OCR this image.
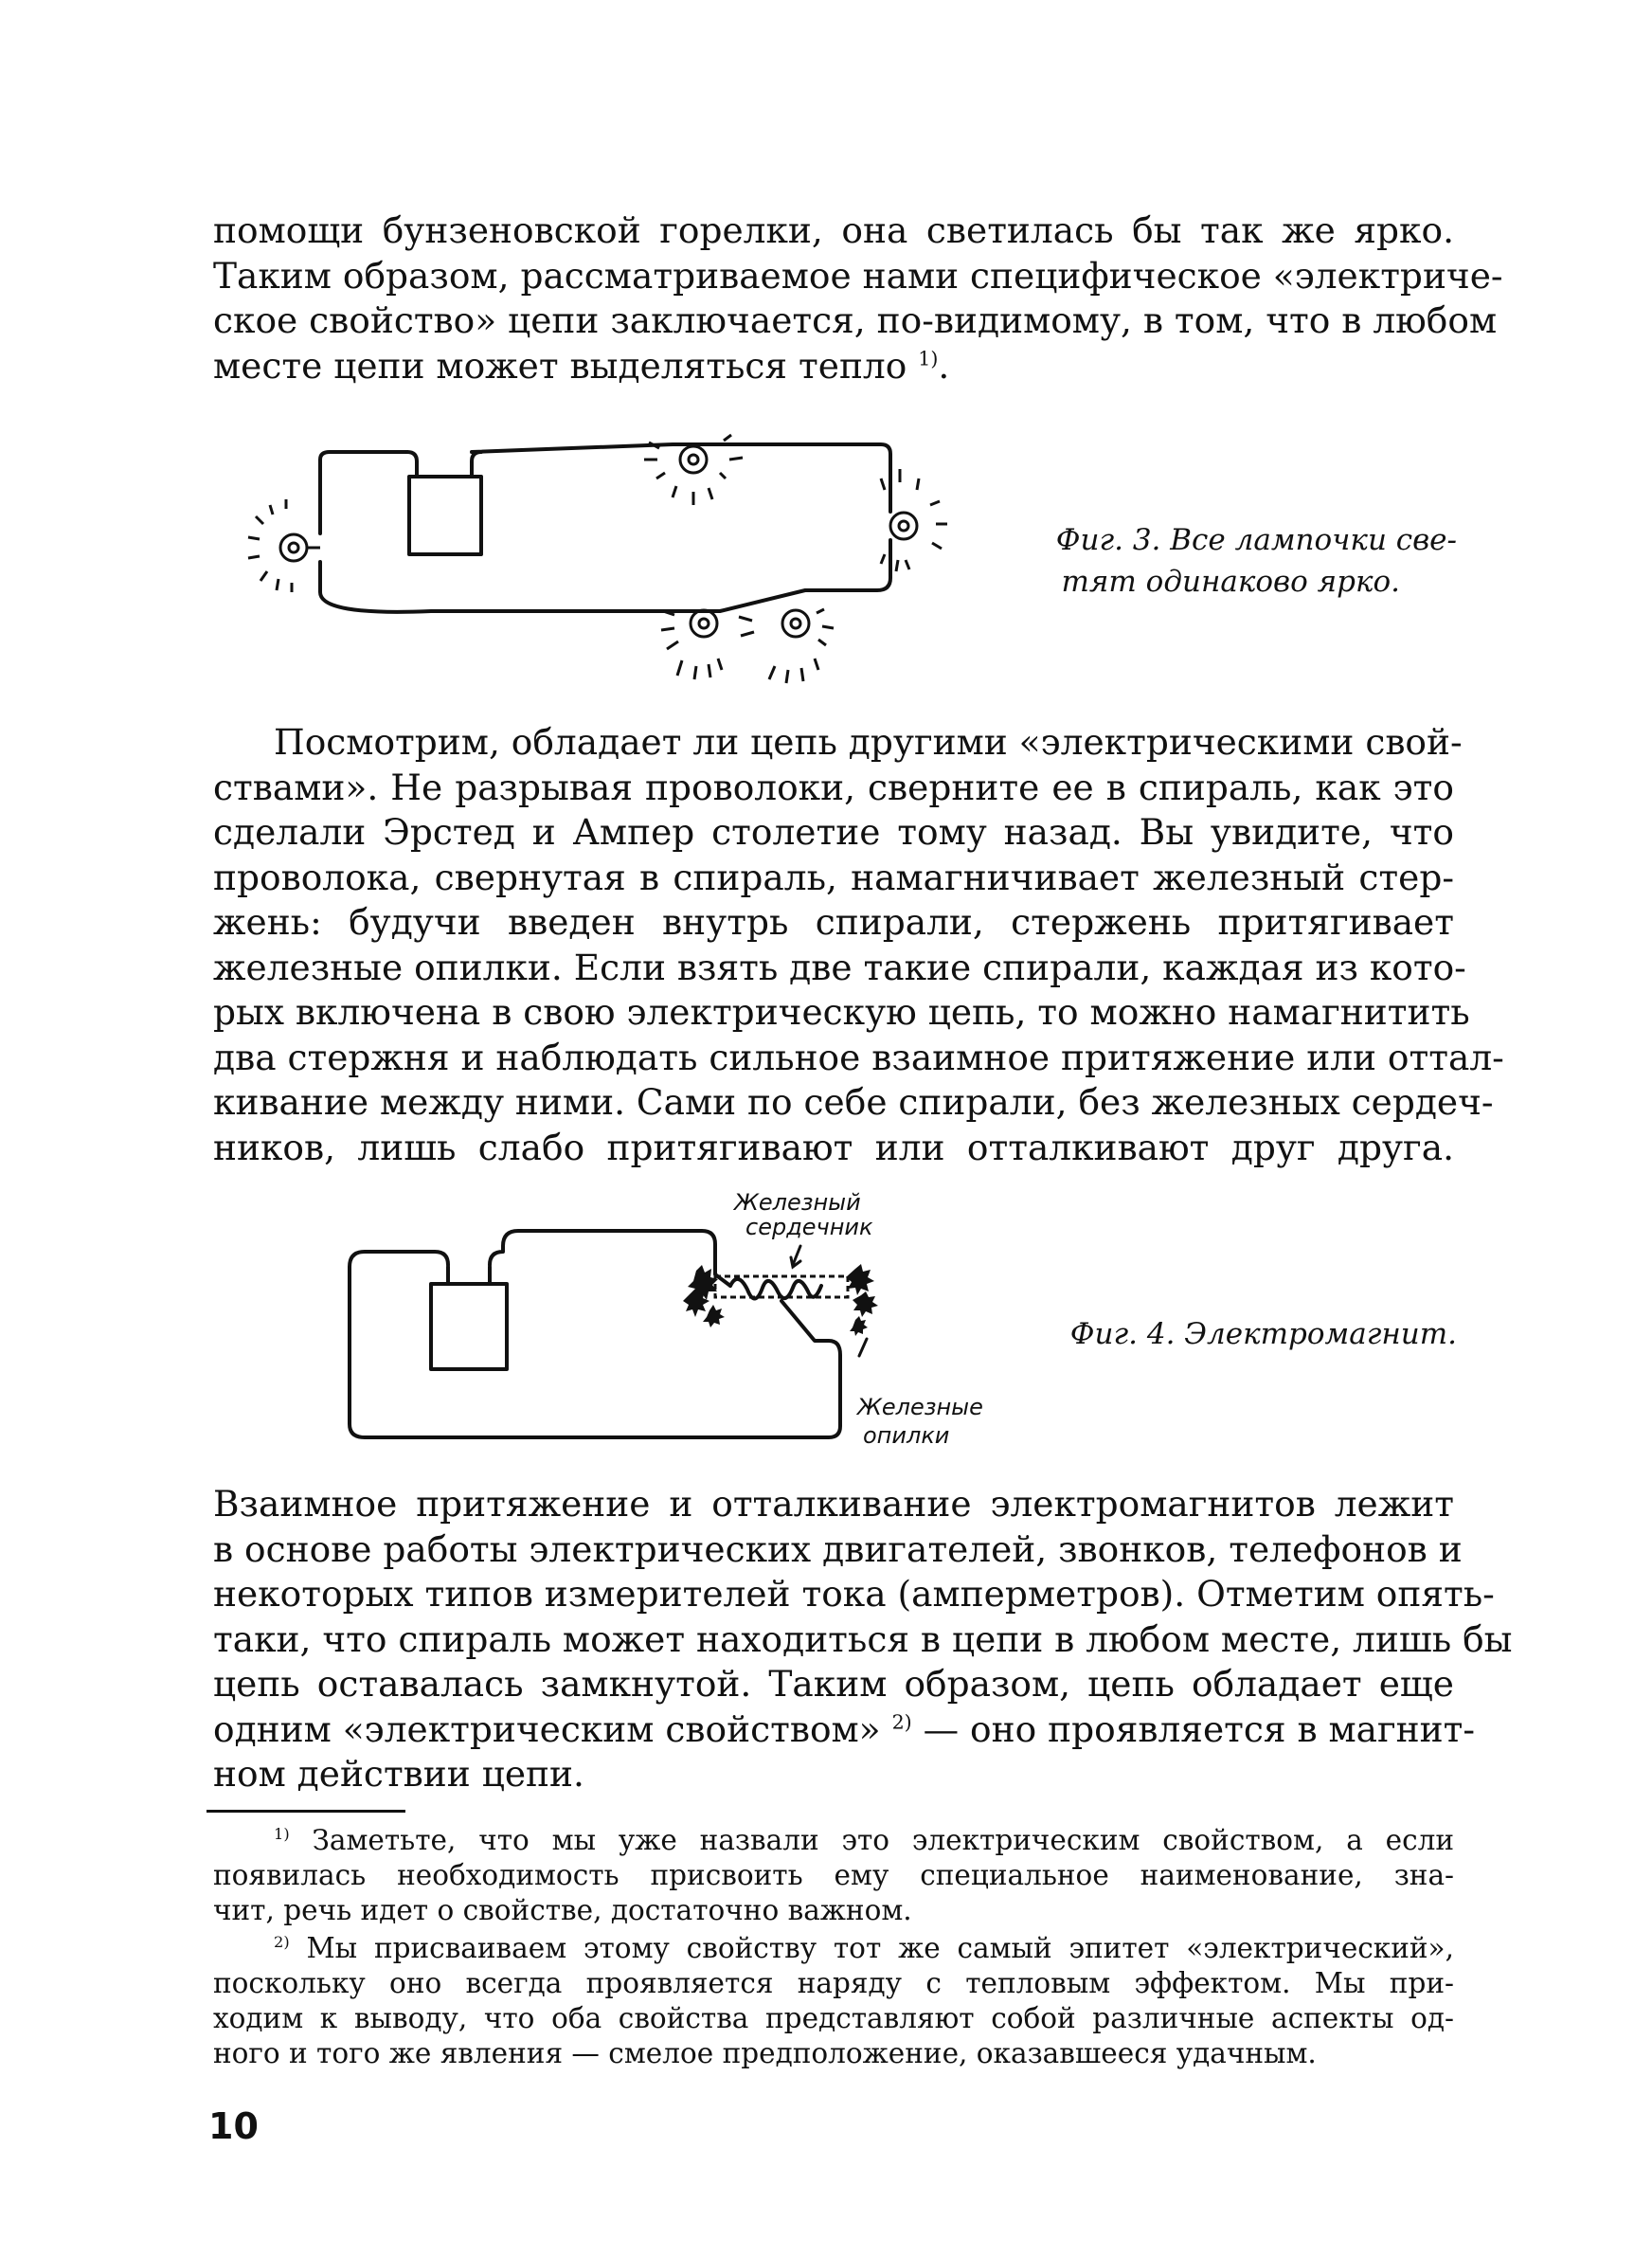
помощи бунзеновской горелки, она светилась бы так же ярко.
Таким образом, рассматриваемое нами специфическое «электриче-
ское свойство» цепи заключается, по-видимому, в том, что в любом
месте цепи может выделяться тепло $^{1)}$.

Фиг. 3. Все лампочки све-
тят одинаково ярко.

Посмотрим, обладает ли цепь другими «электрическими свой-
ствами». Не разрывая проволоки, сверните ее в спираль, как это
сделали Эрстед и Ампер столетие тому назад. Вы увидите, что
проволока, свернутая в спираль, намагничивает железный стер-
жень: будучи введен внутрь спирали, стержень притягивает
железные опилки. Если взять две такие спирали, каждая из кото-
рых включена в свою электрическую цепь, то можно намагнитить
два стержня и наблюдать сильное взаимное притяжение или оттал-
кивание между ними. Сами по себе спирали, без железных сердеч-
ников, лишь слабо притягивают или отталкивают друг друга.

Железный
сердечник
Железные
опилки
Фиг. 4. Электромагнит.

Взаимное притяжение и отталкивание электромагнитов лежит
в основе работы электрических двигателей, звонков, телефонов и
некоторых типов измерителей тока (амперметров). Отметим опять-
таки, что спираль может находиться в цепи в любом месте, лишь бы
цепь оставалась замкнутой. Таким образом, цепь обладает еще
одним «электрическим свойством» $^{2)}$ — оно проявляется в магнит-
ном действии цепи.

$^{1)}$ Заметьте, что мы уже назвали это электрическим свойством, а если
появилась необходимость присвоить ему специальное наименование, зна-
чит, речь идет о свойстве, достаточно важном.
$^{2)}$ Мы присваиваем этому свойству тот же самый эпитет «электрический»,
поскольку оно всегда проявляется наряду с тепловым эффектом. Мы при-
ходим к выводу, что оба свойства представляют собой различные аспекты од-
ного и того же явления — смелое предположение, оказавшееся удачным.
10
